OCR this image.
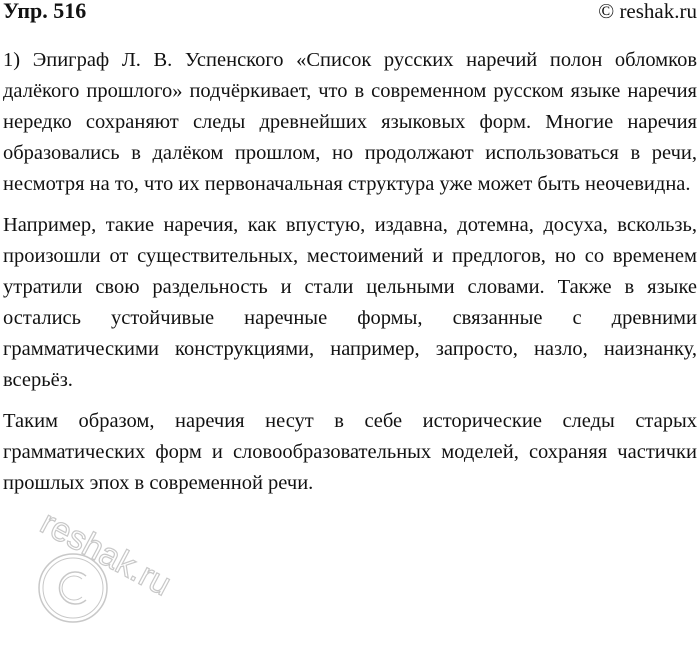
Упр. 516	© reshak.ru

1) Эпиграф Л. В. Успенского «Список русских наречий полон обломков далёкого прошлого» подчёркивает, что в современном русском языке наречия нередко сохраняют следы древнейших языковых форм. Многие наречия образовались в далёком прошлом, но продолжают использоваться в речи, несмотря на то, что их первоначальная структура уже может быть неочевидна.

Например, такие наречия, как впустую, издавна, дотемна, досуха, вскользь, произошли от существительных, местоимений и предлогов, но со временем утратили свою раздельность и стали цельными словами. Также в языке остались устойчивые наречные формы, связанные с древними грамматическими конструкциями, например, запросто, назло, наизнанку, всерьёз.

Таким образом, наречия несут в себе исторические следы старых грамматических форм и словообразовательных моделей, сохраняя частички прошлых эпох в современной речи.

reshak.ru
